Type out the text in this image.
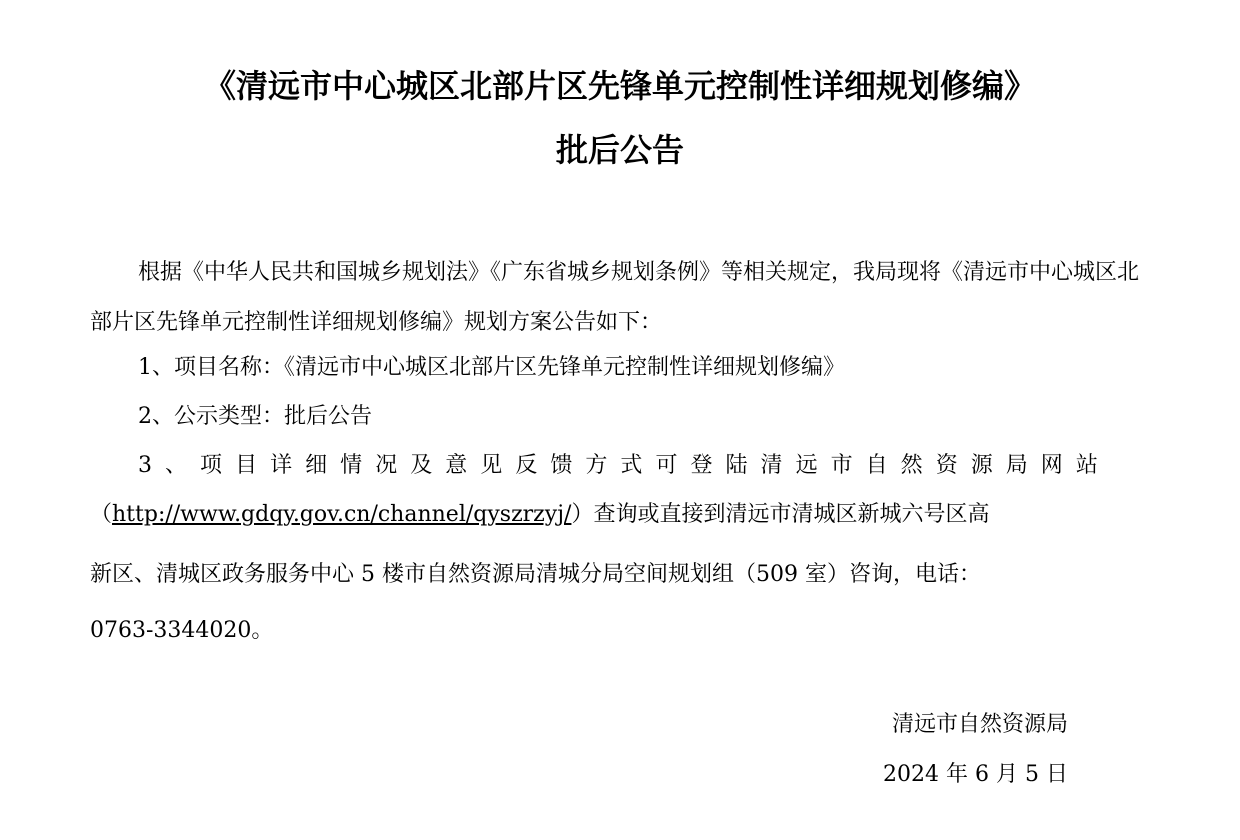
《清远市中心城区北部片区先锋单元控制性详细规划修编》
批后公告

根据《中华人民共和国城乡规划法》《广东省城乡规划条例》等相关规定，我局现将《清远市中心城区北部片区先锋单元控制性详细规划修编》规划方案公告如下：

1、项目名称：《清远市中心城区北部片区先锋单元控制性详细规划修编》

2、公示类型：批后公告

3 、 项 目 详 细 情 况 及 意 见 反 馈 方 式 可 登 陆 清 远 市 自 然 资 源 局 网 站

（http://www.gdqy.gov.cn/channel/qyszrzyj/）查询或直接到清远市清城区新城六号区高

新区、清城区政务服务中心 5 楼市自然资源局清城分局空间规划组（509 室）咨询，电话：

0763-3344020。

清远市自然资源局
2024 年 6 月 5 日
